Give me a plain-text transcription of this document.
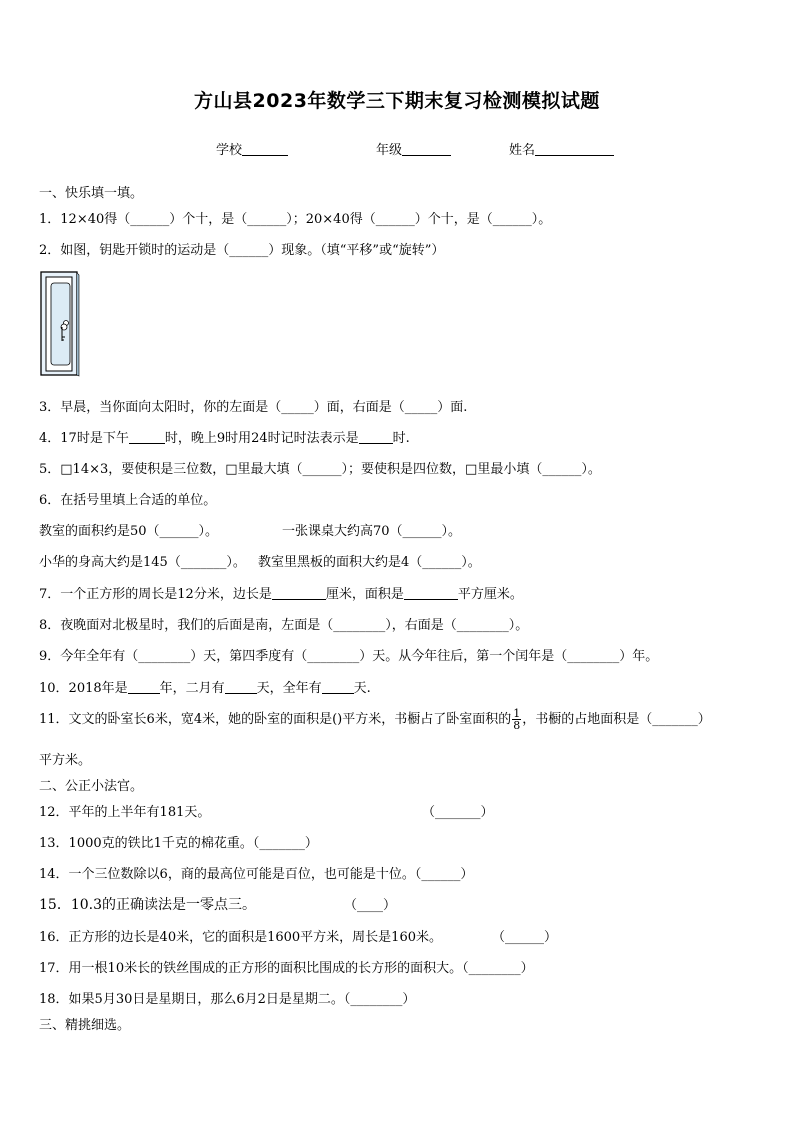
方山县2023年数学三下期末复习检测模拟试题
学校	年级	姓名
一、快乐填一填。
1．12×40得（______）个十，是（______）；20×40得（______）个十，是（______）。
2．如图，钥匙开锁时的运动是（______）现象。（填“平移”或“旋转”）
3．早晨，当你面向太阳时，你的左面是（_____）面，右面是（_____）面.
4．17时是下午	时，晚上9时用24时记时法表示是	时.
5．□14×3，要使积是三位数，□里最大填（______）；要使积是四位数，□里最小填（______）。
6．在括号里填上合适的单位。
教室的面积约是50（______）。	一张课桌大约高70（______）。
小华的身高大约是145（_______）。 教室里黑板的面积大约是4（______）。
7．一个正方形的周长是12分米，边长是	厘米，面积是	平方厘米。
8．夜晚面对北极星时，我们的后面是南，左面是（________），右面是（________）。
9．今年全年有（________）天，第四季度有（________）天。从今年往后，第一个闰年是（________）年。
10．2018年是 年，二月有 天，全年有 天.
11．文文的卧室长6米，宽4米，她的卧室的面积是()平方米，书橱占了卧室面积的 $\frac{1}{8}$ ，书橱的占地面积是（_______）
平方米。
二、公正小法官。
12．平年的上半年有181天。	（_______）
13．1000克的铁比1千克的棉花重。（_______）
14．一个三位数除以6，商的最高位可能是百位，也可能是十位。（______）
15．10.3的正确读法是一零点三。	（____）
16．正方形的边长是40米，它的面积是1600平方米，周长是160米。	（______）
17．用一根10米长的铁丝围成的正方形的面积比围成的长方形的面积大。（________）
18．如果5月30日是星期日，那么6月2日是星期二。（________）
三、精挑细选。
